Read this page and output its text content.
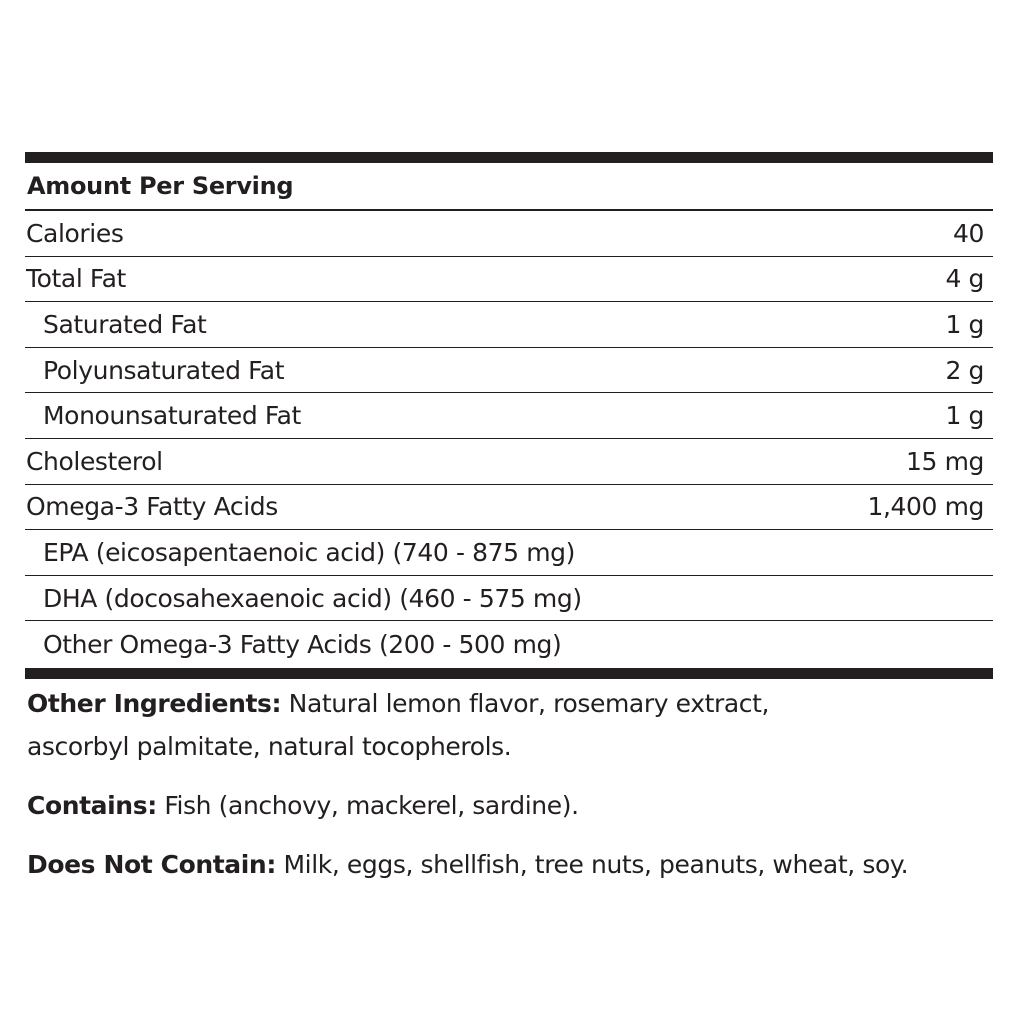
Amount Per Serving
Calories	40
Total Fat	4 g
Saturated Fat	1 g
Polyunsaturated Fat	2 g
Monounsaturated Fat	1 g
Cholesterol	15 mg
Omega-3 Fatty Acids	1,400 mg
EPA (eicosapentaenoic acid) (740 - 875 mg)
DHA (docosahexaenoic acid) (460 - 575 mg)
Other Omega-3 Fatty Acids (200 - 500 mg)

Other Ingredients: Natural lemon flavor, rosemary extract,

ascorbyl palmitate, natural tocopherols.

Contains: Fish (anchovy, mackerel, sardine).

Does Not Contain: Milk, eggs, shellfish, tree nuts, peanuts, wheat, soy.
